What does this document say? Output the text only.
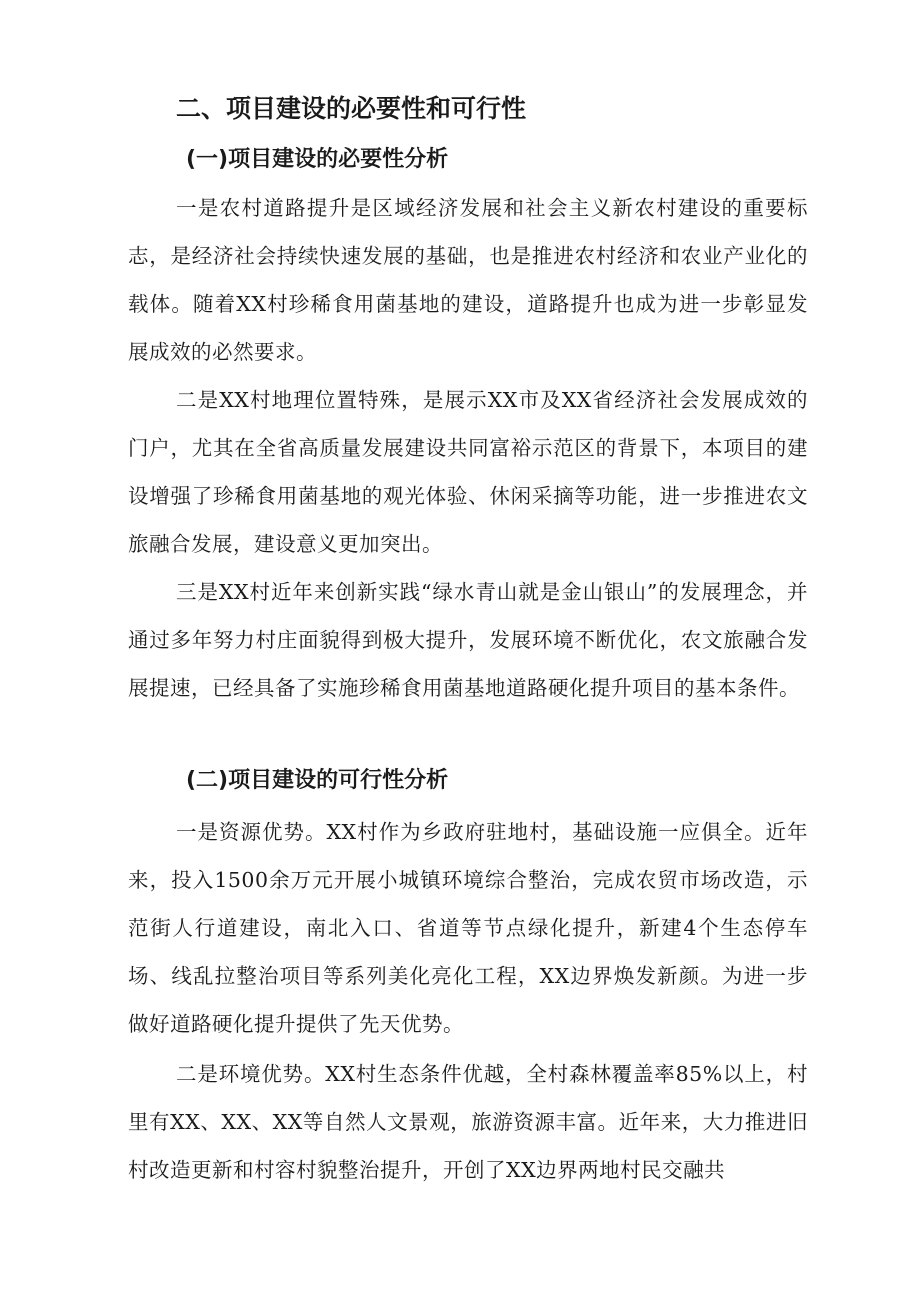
二、项目建设的必要性和可行性
(一)项目建设的必要性分析

一是农村道路提升是区域经济发展和社会主义新农村建设的重要标志，是经济社会持续快速发展的基础，也是推进农村经济和农业产业化的载体。随着XX村珍稀食用菌基地的建设，道路提升也成为进一步彰显发展成效的必然要求。

二是XX村地理位置特殊，是展示XX市及XX省经济社会发展成效的门户，尤其在全省高质量发展建设共同富裕示范区的背景下，本项目的建设增强了珍稀食用菌基地的观光体验、休闲采摘等功能，进一步推进农文旅融合发展，建设意义更加突出。

三是XX村近年来创新实践“绿水青山就是金山银山”的发展理念，并通过多年努力村庄面貌得到极大提升，发展环境不断优化，农文旅融合发展提速，已经具备了实施珍稀食用菌基地道路硬化提升项目的基本条件。

(二)项目建设的可行性分析

一是资源优势。XX村作为乡政府驻地村，基础设施一应俱全。近年来，投入1500余万元开展小城镇环境综合整治，完成农贸市场改造，示范街人行道建设，南北入口、省道等节点绿化提升，新建4个生态停车场、线乱拉整治项目等系列美化亮化工程，XX边界焕发新颜。为进一步做好道路硬化提升提供了先天优势。

二是环境优势。XX村生态条件优越，全村森林覆盖率85%以上，村里有XX、XX、XX等自然人文景观，旅游资源丰富。近年来，大力推进旧村改造更新和村容村貌整治提升，开创了XX边界两地村民交融共
